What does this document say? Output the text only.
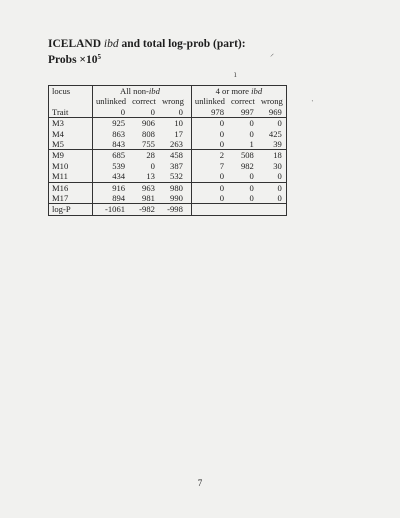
ICELAND ibd and total log-prob (part):
Probs $\times 10^5$
locus	All non-ibd				4 or more ibd		
	unlinked	correct	wrong		unlinked	correct	wrong
Trait	0	0	0		978	997	969
M3	925	906	10		0	0	0
M4	863	808	17		0	0	425
M5	843	755	263		0	1	39
M9	685	28	458		2	508	18
M10	539	0	387		7	982	30
M11	434	13	532		0	0	0
M16	916	963	980		0	0	0
M17	894	981	990		0	0	0
log-P	-1061	-982	-998				
⸝
ı
ˑ
7
